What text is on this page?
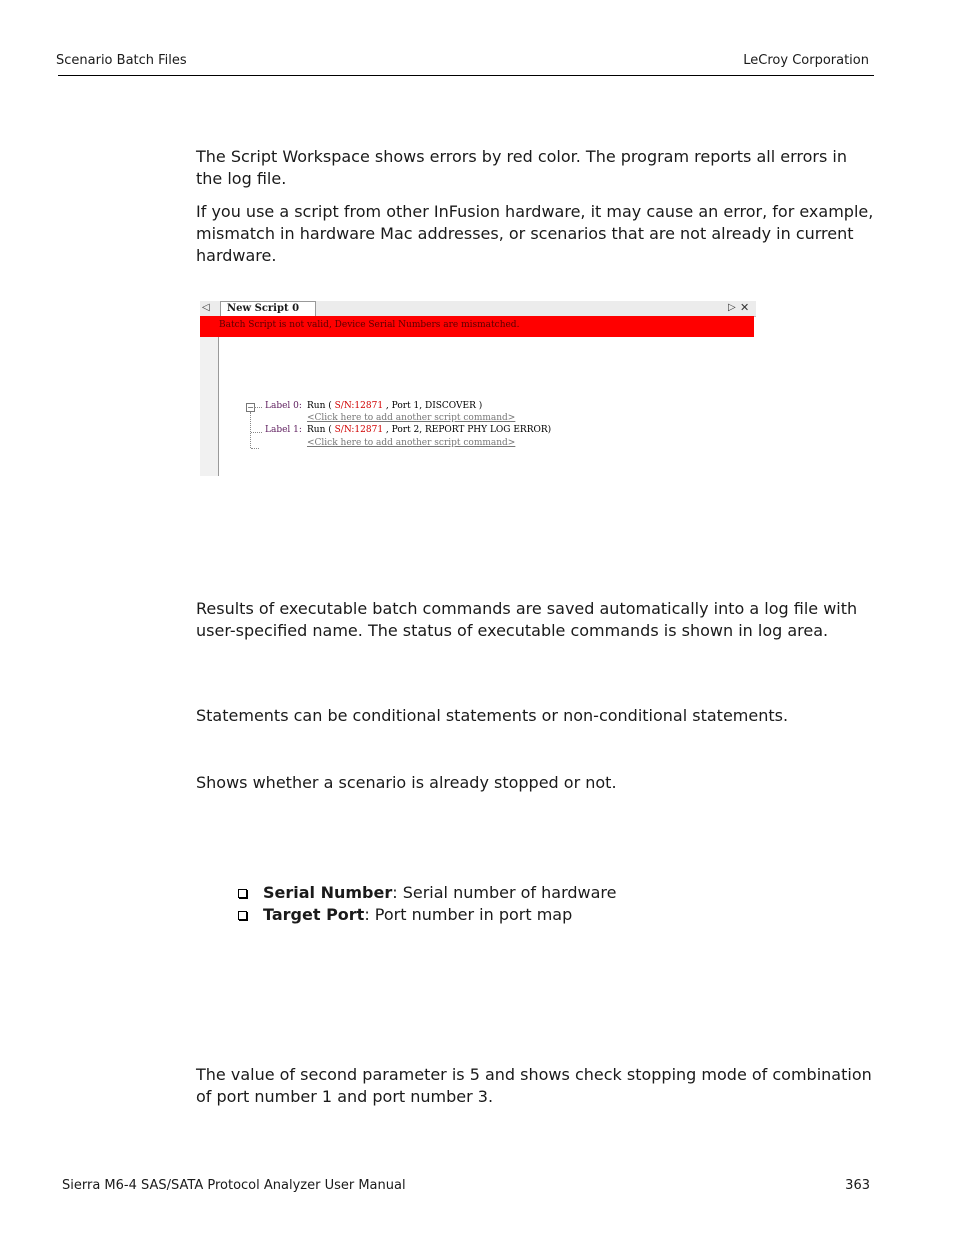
Scenario Batch Files	LeCroy Corporation

The Script Workspace shows errors by red color. The program reports all errors in the log file.

If you use a script from other InFusion hardware, it may cause an error, for example, mismatch in hardware Mac addresses, or scenarios that are not already in current hardware.

◁	New Script 0	▷ ✕
Batch Script is not valid, Device Serial Numbers are mismatched.
− Label 0: Run ( S/N:12871 , Port 1, DISCOVER )
<Click here to add another script command>
Label 1: Run ( S/N:12871 , Port 2, REPORT PHY LOG ERROR)
<Click here to add another script command>

Results of executable batch commands are saved automatically into a log file with user-specified name. The status of executable commands is shown in log area.

Statements can be conditional statements or non-conditional statements.

Shows whether a scenario is already stopped or not.

Serial Number: Serial number of hardware
Target Port: Port number in port map

The value of second parameter is 5 and shows check stopping mode of combination of port number 1 and port number 3.

Sierra M6-4 SAS/SATA Protocol Analyzer User Manual	363
